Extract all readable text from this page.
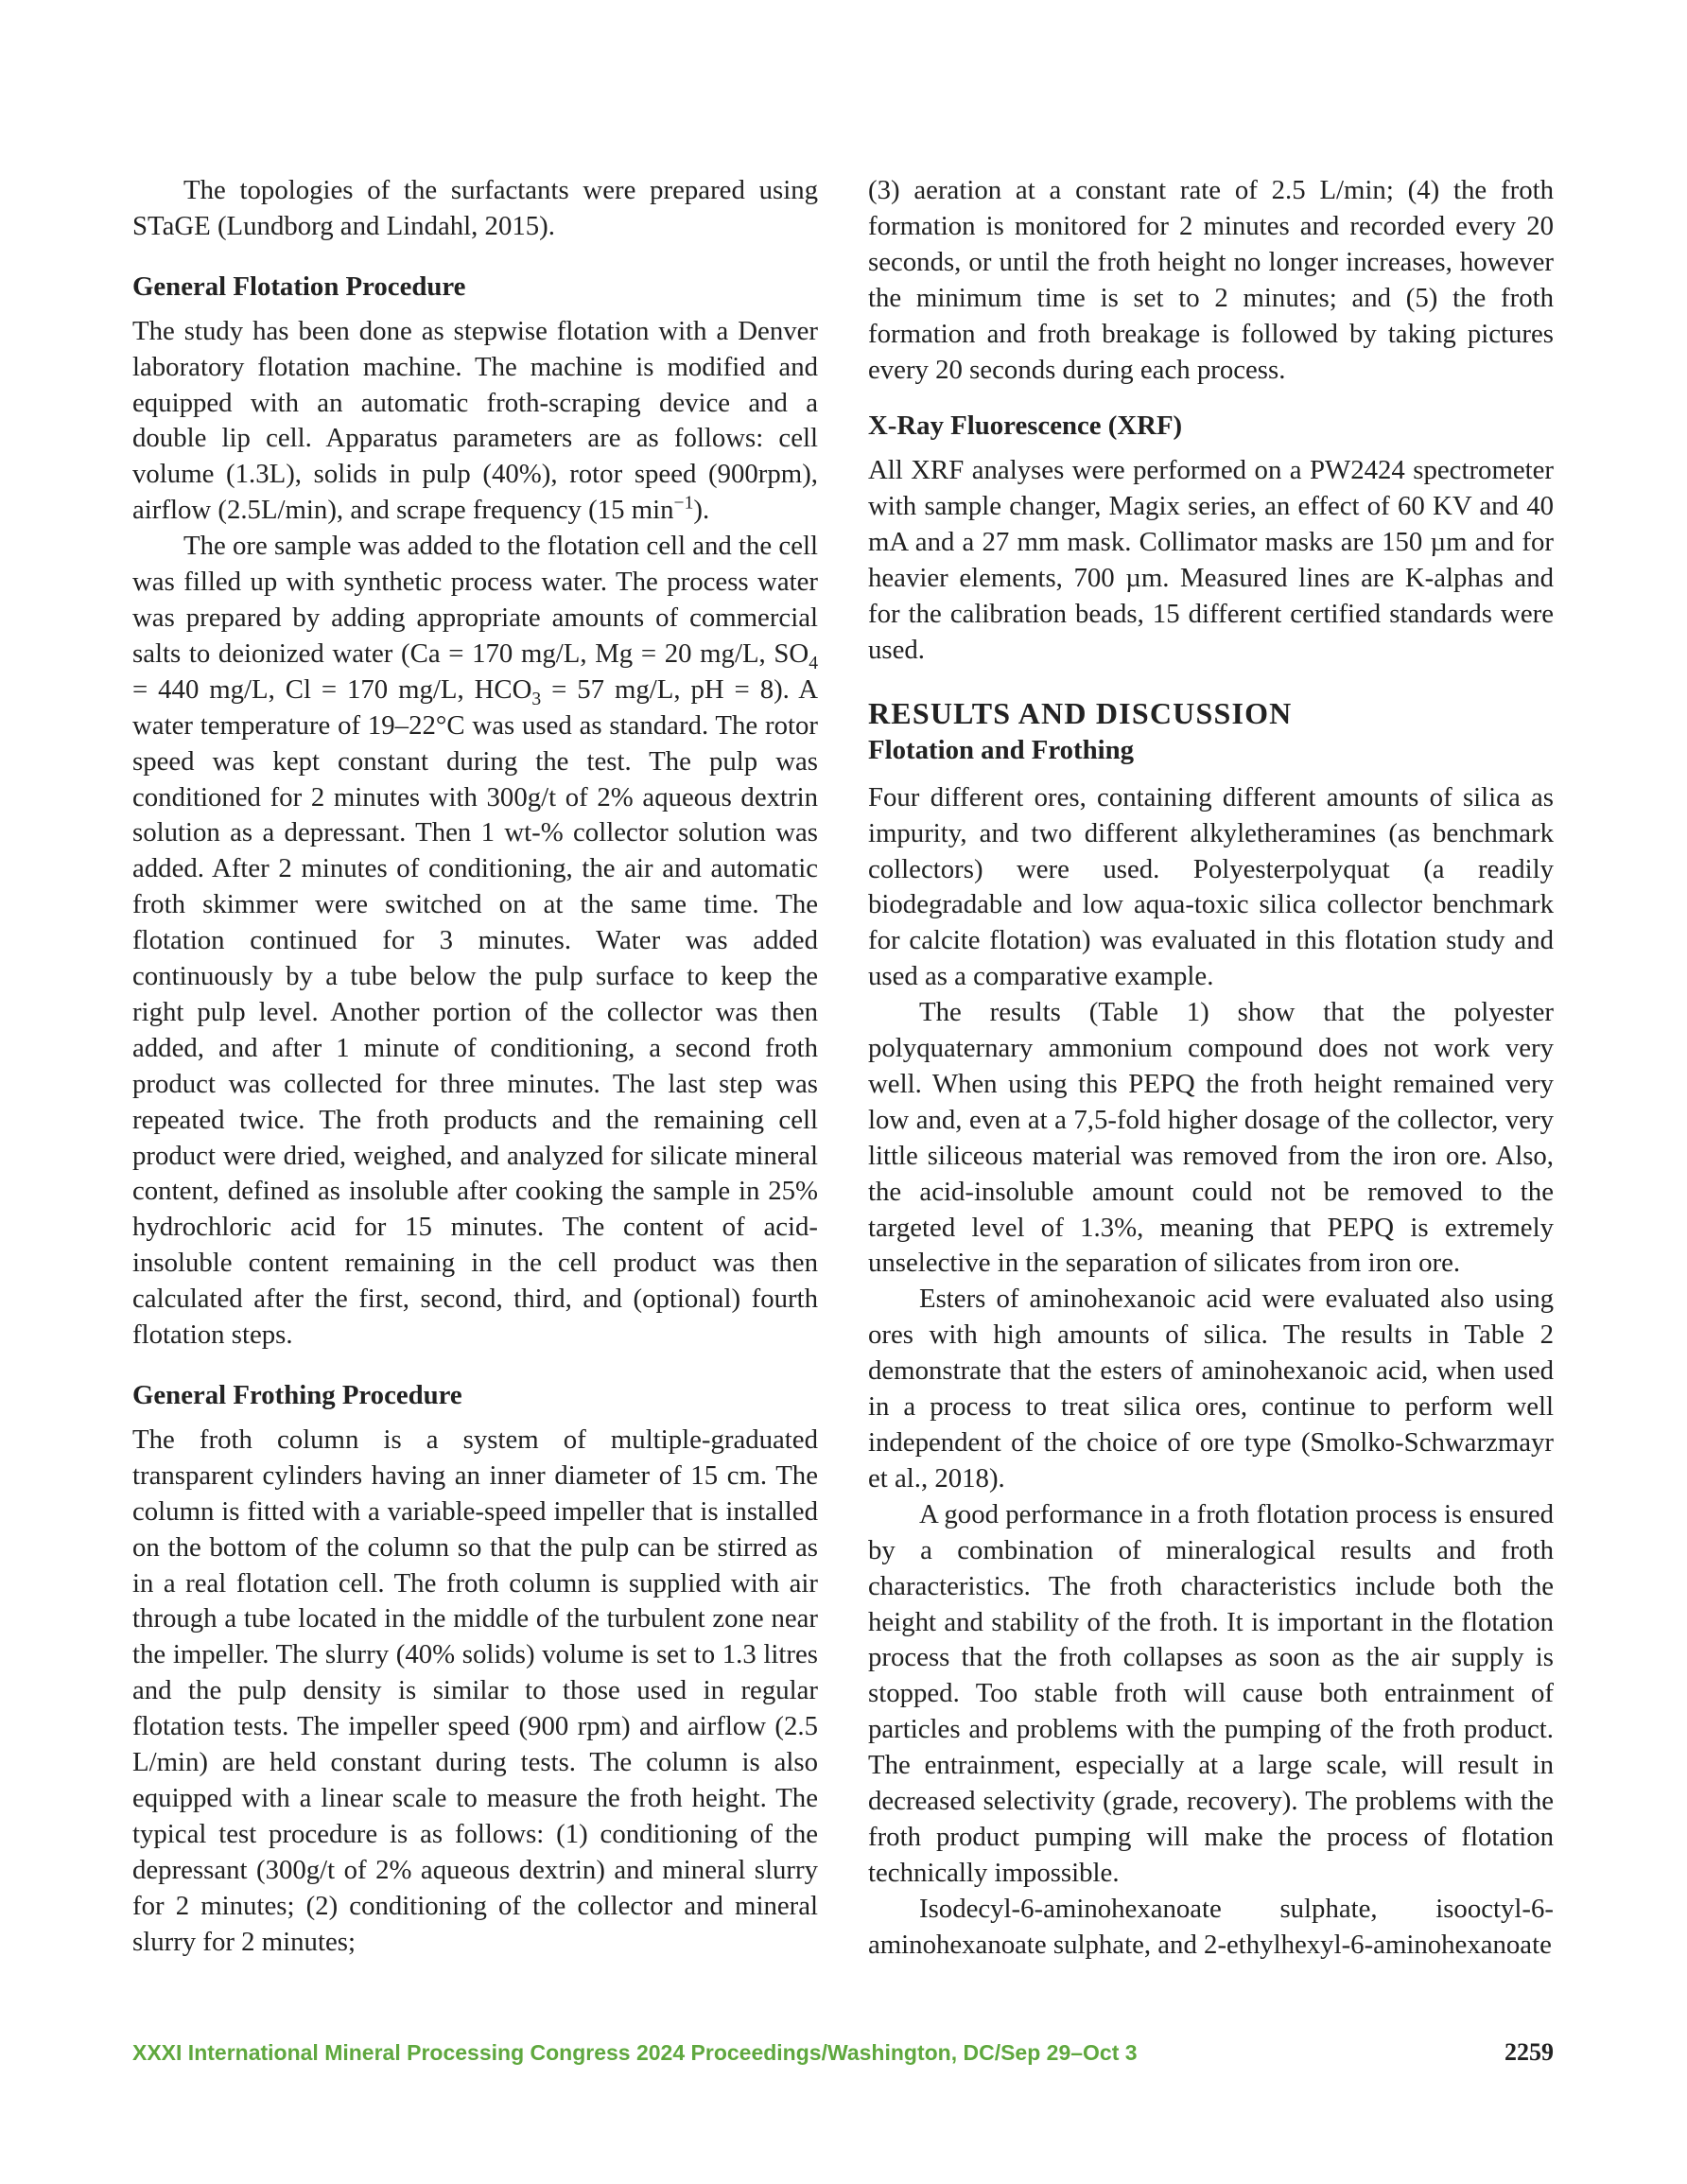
The topologies of the surfactants were prepared using STaGE (Lundborg and Lindahl, 2015).

General Flotation Procedure

The study has been done as stepwise flotation with a Denver laboratory flotation machine. The machine is modified and equipped with an automatic froth-scraping device and a double lip cell. Apparatus parameters are as follows: cell volume (1.3L), solids in pulp (40%), rotor speed (900rpm), airflow (2.5L/min), and scrape frequency (15 $\min^{-1}$).

The ore sample was added to the flotation cell and the cell was filled up with synthetic process water. The process water was prepared by adding appropriate amounts of commercial salts to deionized water (Ca = 170 mg/L, Mg = 20 mg/L, $SO_4 = 440$ mg/L, Cl = 170 mg/L, $HCO_3 = 57$ mg/L, pH = 8). A water temperature of 19–22°C was used as standard. The rotor speed was kept constant during the test. The pulp was conditioned for 2 minutes with 300g/t of 2% aqueous dextrin solution as a depressant. Then 1 wt-% collector solution was added. After 2 minutes of conditioning, the air and automatic froth skimmer were switched on at the same time. The flotation continued for 3 minutes. Water was added continuously by a tube below the pulp surface to keep the right pulp level. Another portion of the collector was then added, and after 1 minute of conditioning, a second froth product was collected for three minutes. The last step was repeated twice. The froth products and the remaining cell product were dried, weighed, and analyzed for silicate mineral content, defined as insoluble after cooking the sample in 25% hydrochloric acid for 15 minutes. The content of acid-insoluble content remaining in the cell product was then calculated after the first, second, third, and (optional) fourth flotation steps.

General Frothing Procedure

The froth column is a system of multiple-graduated transparent cylinders having an inner diameter of 15 cm. The column is fitted with a variable-speed impeller that is installed on the bottom of the column so that the pulp can be stirred as in a real flotation cell. The froth column is supplied with air through a tube located in the middle of the turbulent zone near the impeller. The slurry (40% solids) volume is set to 1.3 litres and the pulp density is similar to those used in regular flotation tests. The impeller speed (900 rpm) and airflow (2.5 L/min) are held constant during tests. The column is also equipped with a linear scale to measure the froth height. The typical test procedure is as follows: (1) conditioning of the depressant (300g/t of 2% aqueous dextrin) and mineral slurry for 2 minutes; (2) conditioning of the collector and mineral slurry for 2 minutes;

(3) aeration at a constant rate of 2.5 L/min; (4) the froth formation is monitored for 2 minutes and recorded every 20 seconds, or until the froth height no longer increases, however the minimum time is set to 2 minutes; and (5) the froth formation and froth breakage is followed by taking pictures every 20 seconds during each process.

X-Ray Fluorescence (XRF)

All XRF analyses were performed on a PW2424 spectrometer with sample changer, Magix series, an effect of 60 KV and 40 mA and a 27 mm mask. Collimator masks are 150 µm and for heavier elements, 700 µm. Measured lines are K-alphas and for the calibration beads, 15 different certified standards were used.

RESULTS AND DISCUSSION
Flotation and Frothing

Four different ores, containing different amounts of silica as impurity, and two different alkyletheramines (as benchmark collectors) were used. Polyesterpolyquat (a readily biodegradable and low aqua-toxic silica collector benchmark for calcite flotation) was evaluated in this flotation study and used as a comparative example.

The results (Table 1) show that the polyester polyquaternary ammonium compound does not work very well. When using this PEPQ the froth height remained very low and, even at a 7,5-fold higher dosage of the collector, very little siliceous material was removed from the iron ore. Also, the acid-insoluble amount could not be removed to the targeted level of 1.3%, meaning that PEPQ is extremely unselective in the separation of silicates from iron ore.

Esters of aminohexanoic acid were evaluated also using ores with high amounts of silica. The results in Table 2 demonstrate that the esters of aminohexanoic acid, when used in a process to treat silica ores, continue to perform well independent of the choice of ore type (Smolko-Schwarzmayr et al., 2018).

A good performance in a froth flotation process is ensured by a combination of mineralogical results and froth characteristics. The froth characteristics include both the height and stability of the froth. It is important in the flotation process that the froth collapses as soon as the air supply is stopped. Too stable froth will cause both entrainment of particles and problems with the pumping of the froth product. The entrainment, especially at a large scale, will result in decreased selectivity (grade, recovery). The problems with the froth product pumping will make the process of flotation technically impossible.

Isodecyl-6-aminohexanoate sulphate, isooctyl-6-aminohexanoate sulphate, and 2-ethylhexyl-6-aminohexanoate

XXXI International Mineral Processing Congress 2024 Proceedings/Washington, DC/Sep 29–Oct 3	2259
